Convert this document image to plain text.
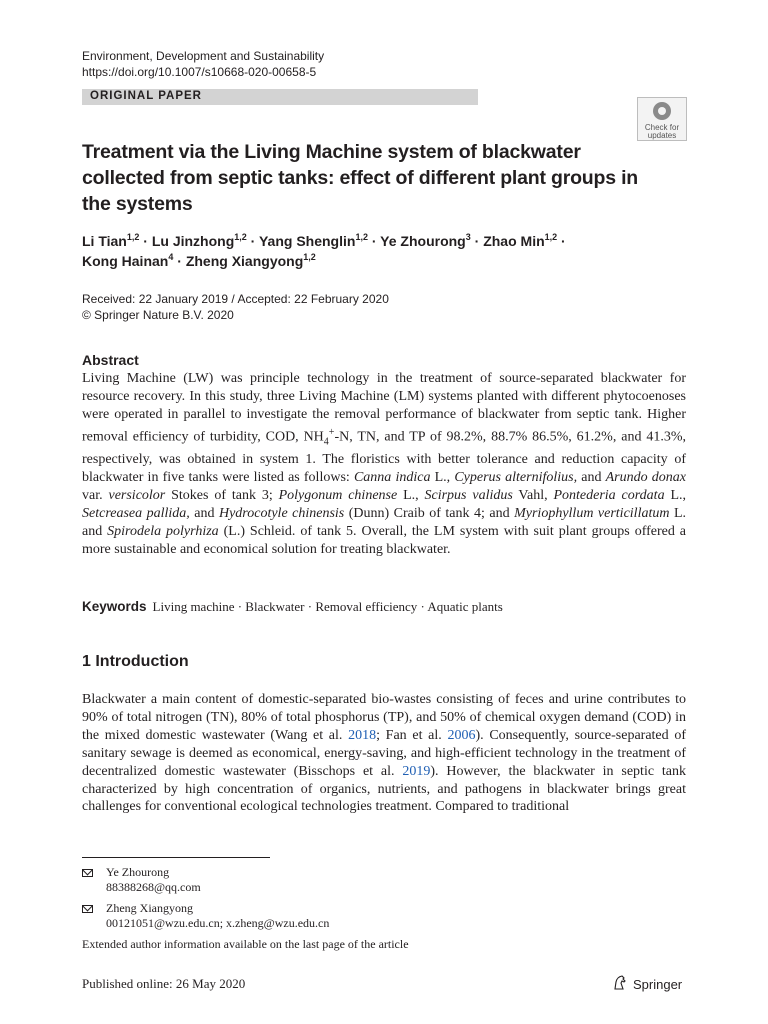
Environment, Development and Sustainability
https://doi.org/10.1007/s10668-020-00658-5
ORIGINAL PAPER
Check for
updates
Treatment via the Living Machine system of blackwater collected from septic tanks: effect of different plant groups in the systems
Li Tian$^{1,2}$ · Lu Jinzhong$^{1,2}$ · Yang Shenglin$^{1,2}$ · Ye Zhourong$^3$ · Zhao Min$^{1,2}$ ·
Kong Hainan$^4$ · Zheng Xiangyong$^{1,2}$
Received: 22 January 2019 / Accepted: 22 February 2020
© Springer Nature B.V. 2020
Abstract
Living Machine (LW) was principle technology in the treatment of source-separated blackwater for resource recovery. In this study, three Living Machine (LM) systems planted with different phytocoenoses were operated in parallel to investigate the removal performance of blackwater from septic tank. Higher removal efficiency of turbidity, COD, $NH_4^+-N$, TN, and TP of 98.2%, 88.7% 86.5%, 61.2%, and 41.3%, respectively, was obtained in system 1. The floristics with better tolerance and reduction capacity of blackwater in five tanks were listed as follows: Canna indica L., Cyperus alternifolius, and Arundo donax var. versicolor Stokes of tank 3; Polygonum chinense L., Scirpus validus Vahl, Pontederia cordata L., Setcreasea pallida, and Hydrocotyle chinensis (Dunn) Craib of tank 4; and Myriophyllum verticillatum L. and Spirodela polyrhiza (L.) Schleid. of tank 5. Overall, the LM system with suit plant groups offered a more sustainable and economical solution for treating blackwater.
Keywords Living machine · Blackwater · Removal efficiency · Aquatic plants
1 Introduction
Blackwater a main content of domestic-separated bio-wastes consisting of feces and urine contributes to 90% of total nitrogen (TN), 80% of total phosphorus (TP), and 50% of chemical oxygen demand (COD) in the mixed domestic wastewater (Wang et al. 2018; Fan et al. 2006). Consequently, source-separated of sanitary sewage is deemed as economical, energy-saving, and high-efficient technology in the treatment of decentralized domestic wastewater (Bisschops et al. 2019). However, the blackwater in septic tank characterized by high concentration of organics, nutrients, and pathogens in blackwater brings great challenges for conventional ecological technologies treatment. Compared to traditional
Ye Zhourong
88388268@qq.com
Zheng Xiangyong
00121051@wzu.edu.cn; x.zheng@wzu.edu.cn
Extended author information available on the last page of the article
Published online: 26 May 2020	Springer
